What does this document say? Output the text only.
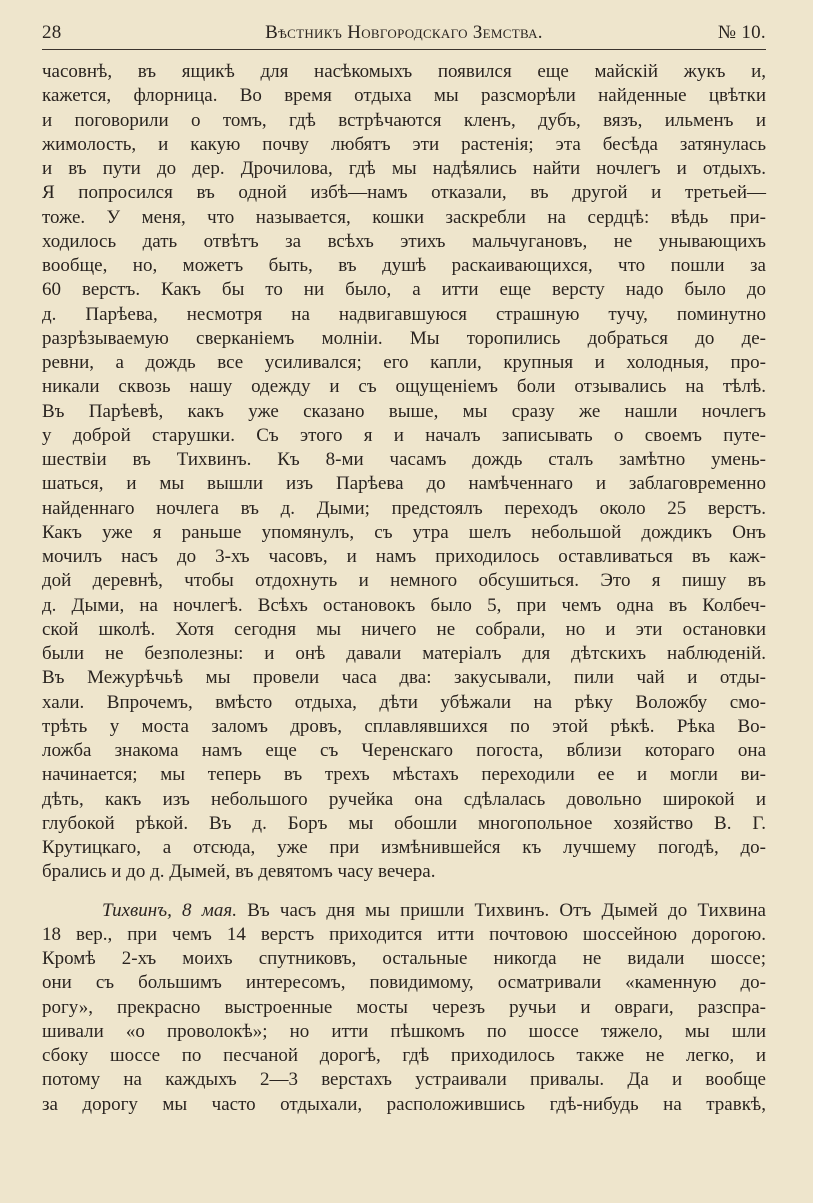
28	Вѣстникъ Новгородскаго Земства.	№ 10.
часовнѣ, въ ящикѣ для насѣкомыхъ появился еще майскій жукъ и,
кажется, флорница. Во время отдыха мы разсморѣли найденные цвѣтки
и поговорили о томъ, гдѣ встрѣчаются кленъ, дубъ, вязъ, ильменъ и
жимолость, и какую почву любятъ эти растенія; эта бесѣда затянулась
и въ пути до дер. Дрочилова, гдѣ мы надѣялись найти ночлегъ и отдыхъ.
Я попросился въ одной избѣ—намъ отказали, въ другой и третьей—
тоже. У меня, что называется, кошки заскребли на сердцѣ: вѣдь при-
ходилось дать отвѣтъ за всѣхъ этихъ мальчугановъ, не унывающихъ
вообще, но, можетъ быть, въ душѣ раскаивающихся, что пошли за
60 верстъ. Какъ бы то ни было, а итти еще версту надо было до
д. Парѣева, несмотря на надвигавшуюся страшную тучу, поминутно
разрѣзываемую сверканіемъ молніи. Мы торопились добраться до де-
ревни, а дождь все усиливался; его капли, крупныя и холодныя, про-
никали сквозь нашу одежду и съ ощущеніемъ боли отзывались на тѣлѣ.
Въ Парѣевѣ, какъ уже сказано выше, мы сразу же нашли ночлегъ
у доброй старушки. Съ этого я и началъ записывать о своемъ путе-
шествіи въ Тихвинъ. Къ 8-ми часамъ дождь сталъ замѣтно умень-
шаться, и мы вышли изъ Парѣева до намѣченнаго и заблаговременно
найденнаго ночлега въ д. Дыми; предстоялъ переходъ около 25 верстъ.
Какъ уже я раньше упомянулъ, съ утра шелъ небольшой дождикъ Онъ
мочилъ насъ до 3-хъ часовъ, и намъ приходилось оставливаться въ каж-
дой деревнѣ, чтобы отдохнуть и немного обсушиться. Это я пишу въ
д. Дыми, на ночлегѣ. Всѣхъ остановокъ было 5, при чемъ одна въ Колбеч-
ской школѣ. Хотя сегодня мы ничего не собрали, но и эти остановки
были не безполезны: и онѣ давали матеріалъ для дѣтскихъ наблюденій.
Въ Межурѣчьѣ мы провели часа два: закусывали, пили чай и отды-
хали. Впрочемъ, вмѣсто отдыха, дѣти убѣжали на рѣку Воложбу смо-
трѣть у моста заломъ дровъ, сплавлявшихся по этой рѣкѣ. Рѣка Во-
ложба знакома намъ еще съ Черенскаго погоста, вблизи котораго она
начинается; мы теперь въ трехъ мѣстахъ переходили ее и могли ви-
дѣть, какъ изъ небольшого ручейка она сдѣлалась довольно широкой и
глубокой рѣкой. Въ д. Боръ мы обошли многопольное хозяйство В. Г.
Крутицкаго, а отсюда, уже при измѣнившейся къ лучшему погодѣ, до-
брались и до д. Дымей, въ девятомъ часу вечера.
Тихвинъ, 8 мая. Въ часъ дня мы пришли Тихвинъ. Отъ Дымей до Тихвина
18 вер., при чемъ 14 верстъ приходится итти почтовою шоссейною дорогою.
Кромѣ 2-хъ моихъ спутниковъ, остальные никогда не видали шоссе;
они съ большимъ интересомъ, повидимому, осматривали «каменную до-
рогу», прекрасно выстроенные мосты черезъ ручьи и овраги, разспра-
шивали «о проволокѣ»; но итти пѣшкомъ по шоссе тяжело, мы шли
сбоку шоссе по песчаной дорогѣ, гдѣ приходилось также не легко, и
потому на каждыхъ 2—3 верстахъ устраивали привалы. Да и вообще
за дорогу мы часто отдыхали, расположившись гдѣ-нибудь на травкѣ,
